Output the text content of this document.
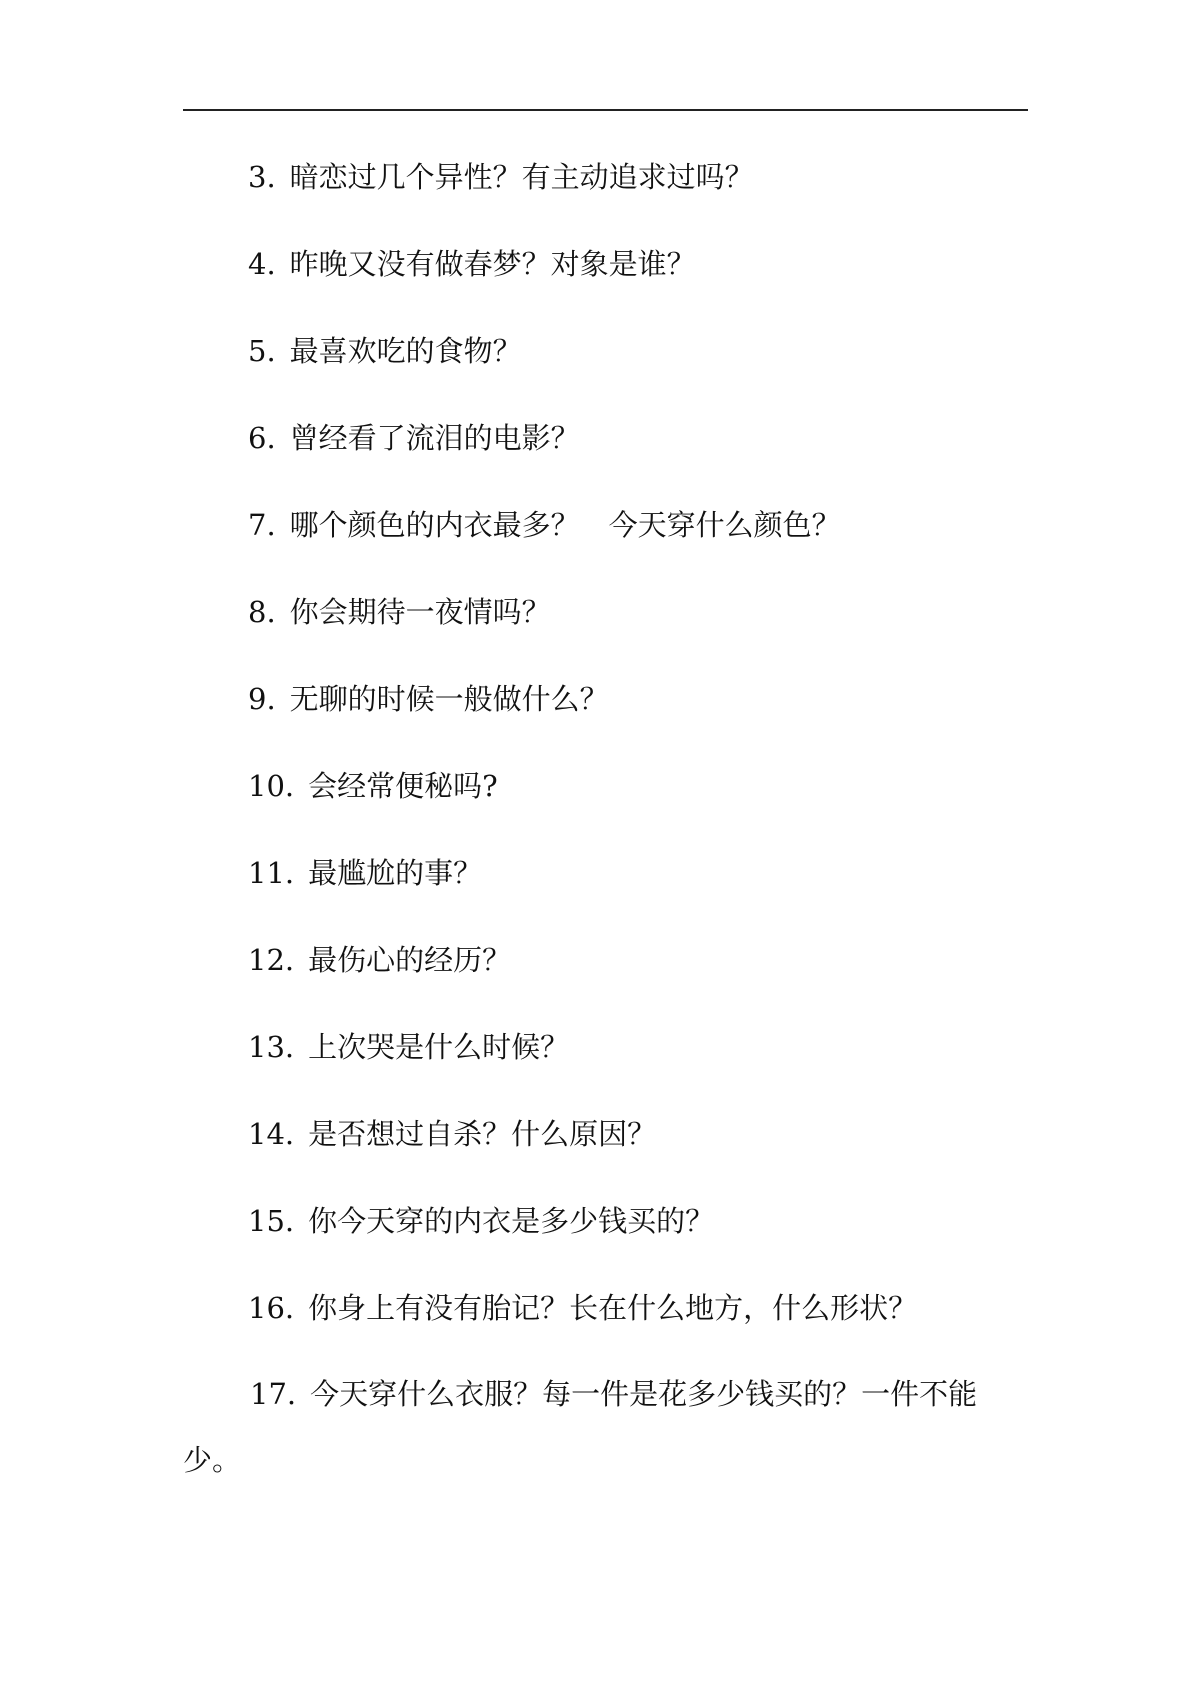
3. 暗恋过几个异性？有主动追求过吗？
4. 昨晚又没有做春梦？对象是谁？
5. 最喜欢吃的食物？
6. 曾经看了流泪的电影？
7. 哪个颜色的内衣最多？　今天穿什么颜色？
8. 你会期待一夜情吗？
9. 无聊的时候一般做什么？
10. 会经常便秘吗?
11. 最尴尬的事？
12. 最伤心的经历？
13. 上次哭是什么时候？
14. 是否想过自杀？什么原因？
15. 你今天穿的内衣是多少钱买的？
16. 你身上有没有胎记？长在什么地方，什么形状？
17. 今天穿什么衣服？每一件是花多少钱买的？一件不能少。
